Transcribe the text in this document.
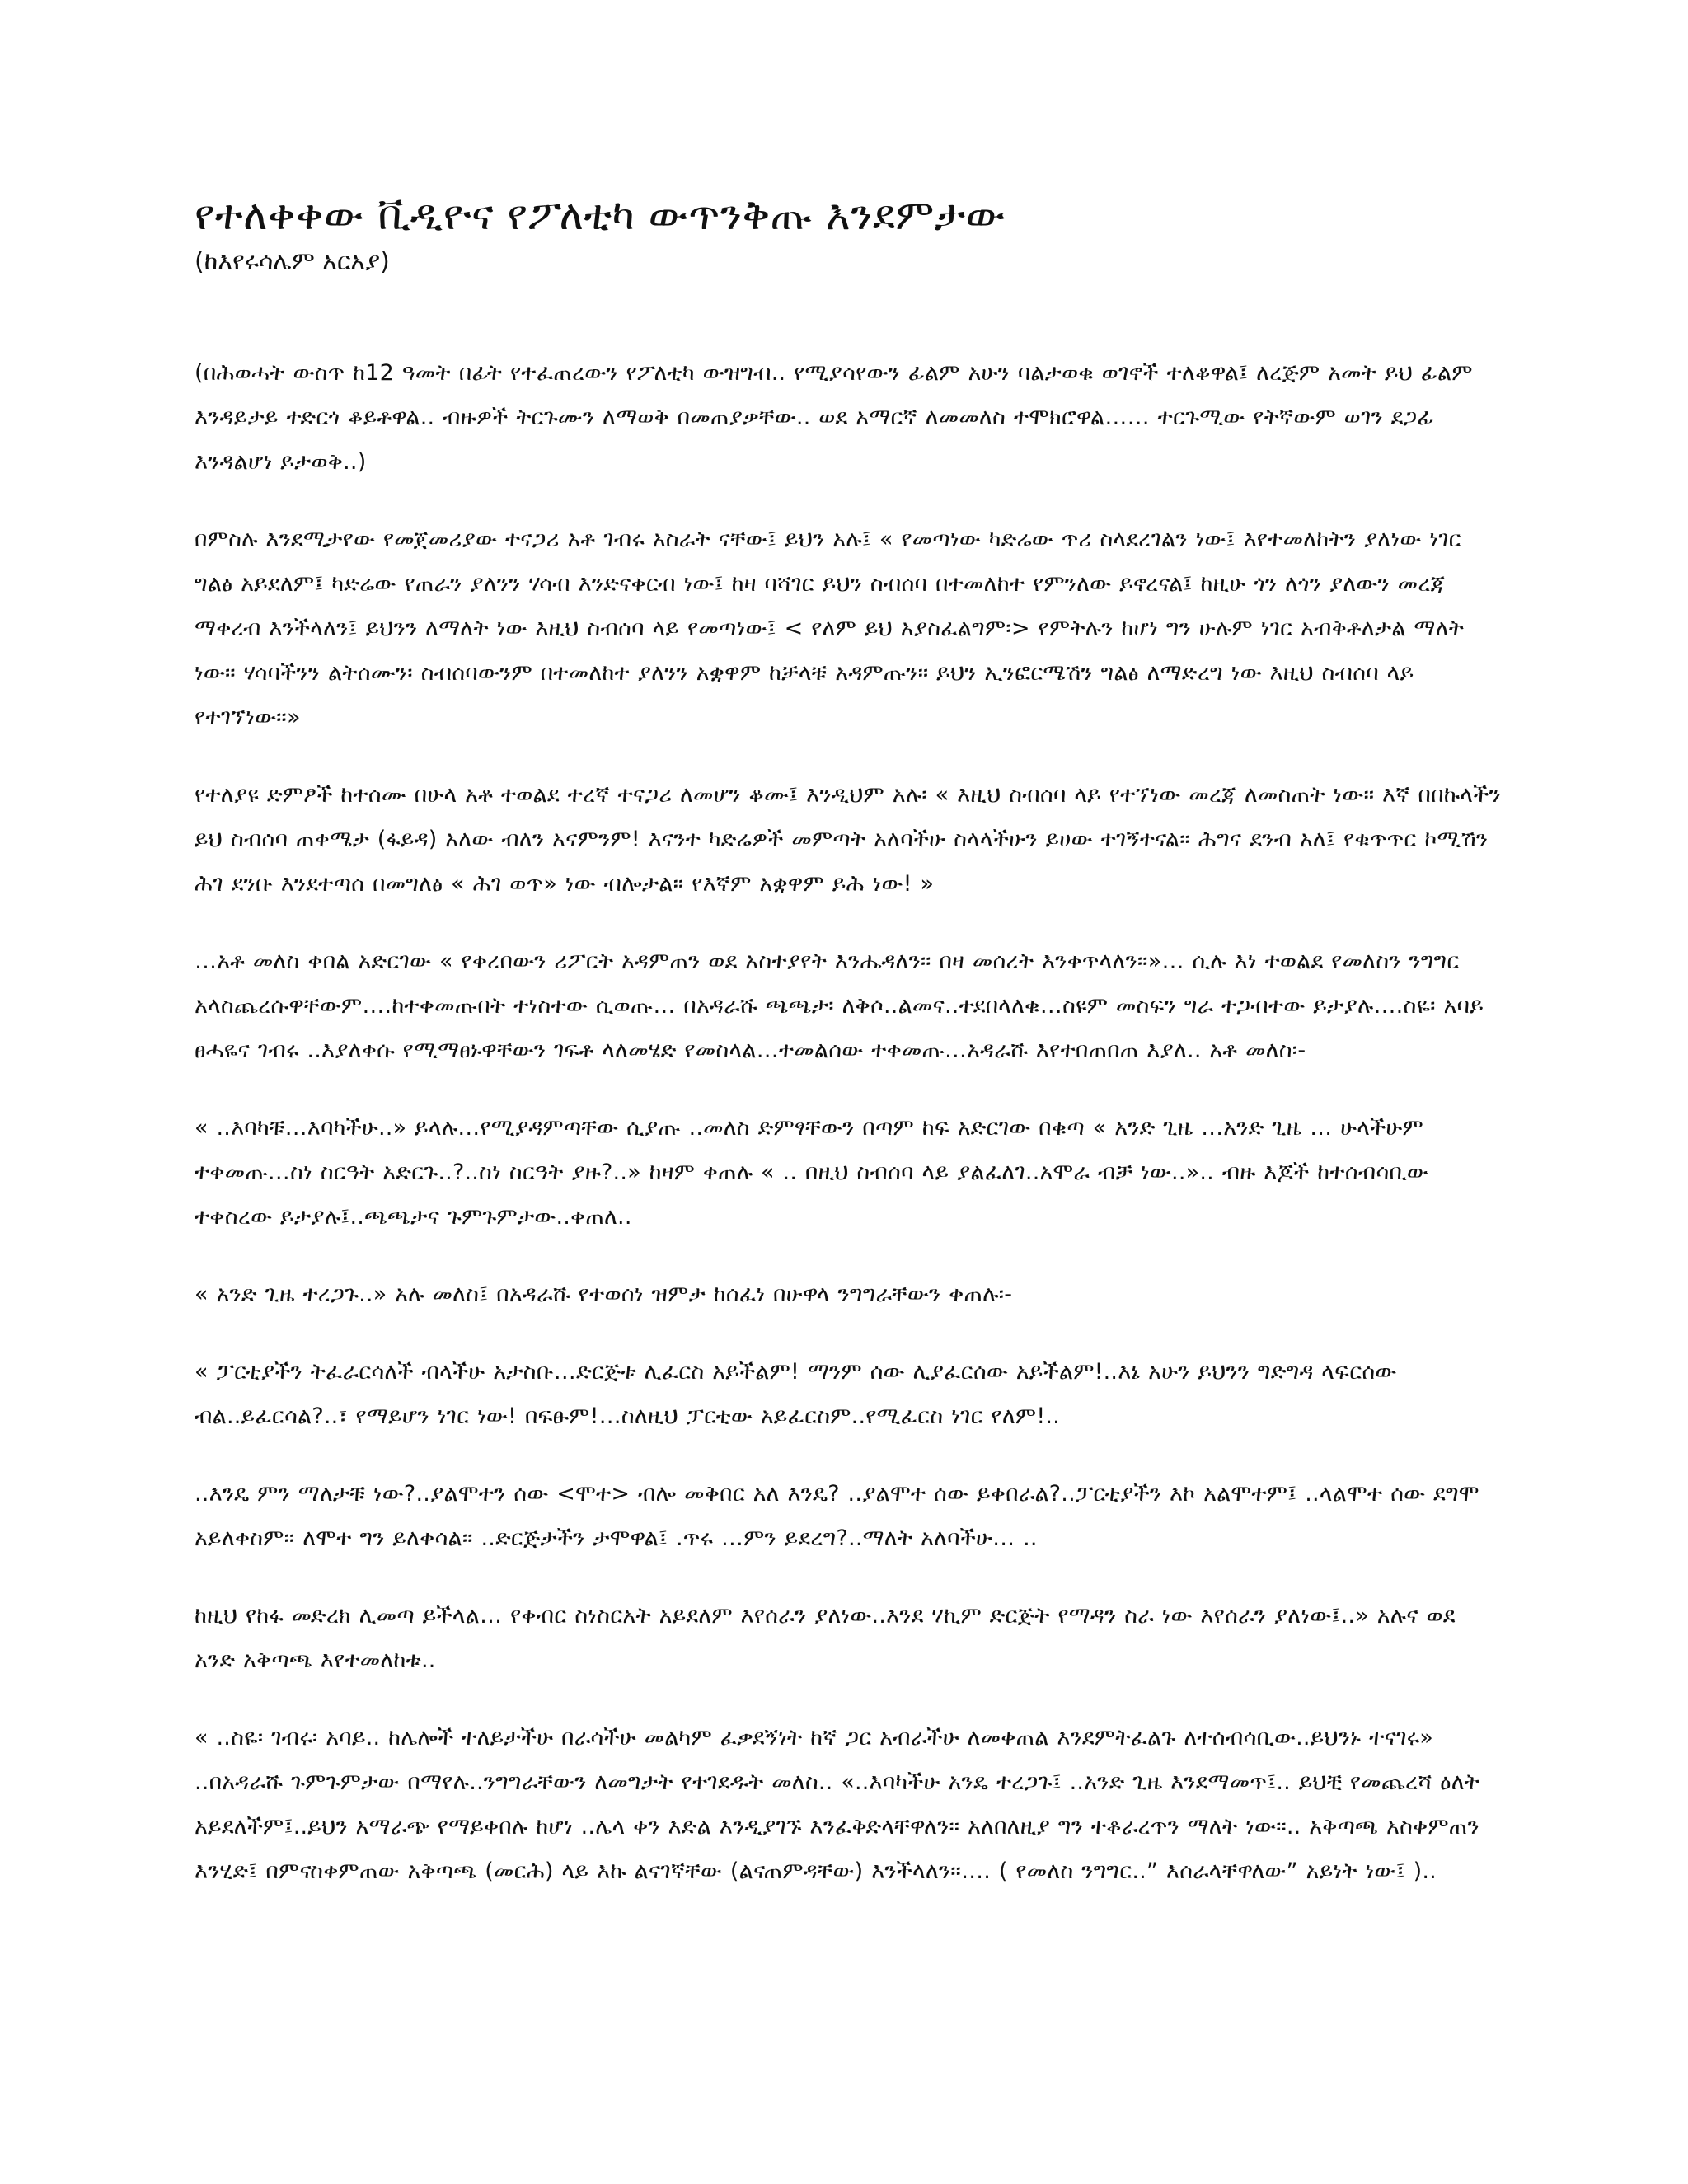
የተለቀቀው ቪዲዮና የፖለቲካ ውጥንቅጡ እንደምታው
(ከእየሩሳሌም አርአያ)

(በሕወሓት ውስጥ ከ12 ዓመት በፊት የተፈጠረውን የፖለቲካ ውዝግብ.. የሚያሳየውን ፊልም አሁን ባልታወቁ ወገኖች ተለቆዋል፤ ለረጅም አመት ይህ ፊልም እንዳይታይ ተድርጎ ቆይቶዋል.. ብዙዎች ትርጉሙን ለማወቅ በመጠያቃቸው.. ወደ አማርኛ ለመመለስ ተሞክሮዋል…… ተርጉሚው የትኛውም ወገን ደጋፊ እንዳልሆነ ይታወቅ..)

በምስሉ እንደሚታየው የመጀመሪያው ተናጋሪ አቶ ገብሩ አስራት ናቸው፤ ይህን አሉ፤ « የመጣነው ካድሬው ጥሪ ስላደረገልን ነው፤ እየተመለከትን ያለነው ነገር ግልፅ አይደለም፤ ካድሬው የጠራን ያለንን ሃሳብ እንድናቀርብ ነው፤ ከዛ ባሻገር ይህን ስብሰባ በተመለከተ የምንለው ይኖረናል፤ ከዚሁ ጎን ለጎን ያለውን መረጃ ማቀረብ እንችላለን፤ ይህንን ለማለት ነው እዚህ ስብሰባ ላይ የመጣነው፤ < የለም ይህ አያስፈልግም፡> የምትሉን ከሆነ ግን ሁሉም ነገር አብቅቶለታል ማለት ነው። ሃሳባችንን ልትሰሙን፡ ስብሰባውንም በተመለከተ ያለንን አቋዋም ከቻላቹ አዳምጡን። ይህን ኢንፎርሜሽን ግልፅ ለማድረግ ነው እዚህ ስብሰባ ላይ የተገኘነው።»

የተለያዩ ድምፆች ከተሰሙ በሁላ አቶ ተወልደ ተረኛ ተናጋሪ ለመሆን ቆሙ፤ እንዲህም አሉ፡ « እዚህ ስብሰባ ላይ የተኘነው መረጃ ለመስጠት ነው። እኛ በበኩላችን ይህ ስብሰባ ጠቀሜታ (ፋይዳ) አለው ብለን አናምንም! እናንተ ካድሬዎች መምጣት አለባችሁ ስላላችሁን ይሀው ተገኝተናል። ሕግና ደንብ አለ፤ የቁጥጥር ኮሚሽን ሕገ ደንቡ እንደተጣሰ በመግለፅ « ሕገ ወጥ» ነው ብሎታል። የእኛም አቋዋም ይሕ ነው! »

…አቶ መለስ ቀበል አድርገው « የቀረበውን ሪፖርት አዳምጠን ወደ አስተያየት እንሔዳለን። በዛ መሰረት እንቀጥላለን።»… ሲሉ እነ ተወልደ የመለስን ንግግር አላስጨረሱዋቸውም….ከተቀመጡበት ተነስተው ሲወጡ… በአዳራሹ ጫጫታ፡ ለቅሶ..ልመና..ተደበላለቁ…ስዩም መስፍን ግራ ተጋብተው ይታያሉ….ስዬ፡ አባይ ፀሓዬና ገብሩ ..እያለቀሱ የሚማፀኑዋቸውን ገፍቶ ላለመሄድ የመስላል…ተመልሰው ተቀመጡ…አዳራሹ እየተበጠበጠ እያለ.. አቶ መለስ፡-

« ..እባካቹ…እባካችሁ..» ይላሉ…የሚያዳምጣቸው ሲያጡ ..መለስ ድምፃቸውን በጣም ከፍ አድርገው በቁጣ « አንድ ጊዜ …አንድ ጊዜ … ሁላችሁም ተቀመጡ…ስነ ስርዓት አድርጉ..?..ስነ ስርዓት ያዙ?..» ከዛም ቀጠሉ « .. በዚህ ስብሰባ ላይ ያልፈለገ..አሞራ ብቻ ነው..».. ብዙ እጆች ከተሰብሳቢው ተቀስረው ይታያሉ፤..ጫጫታና ጉምጉምታው..ቀጠለ..

« አንድ ጊዜ ተረጋጉ..» አሉ መለስ፤ በአዳራሹ የተወሰነ ዝምታ ከሰፈነ በሁዋላ ንግግራቸውን ቀጠሉ፡-

« ፓርቲያችን ትፈራርሳለች ብላችሁ አታስቡ…ድርጅቱ ሊፈርስ አይችልም! ማንም ሰው ሊያፈርሰው አይችልም!..እኔ አሁን ይህንን ግድግዳ ላፍርሰው ብል..ይፈርሳል?..፣ የማይሆን ነገር ነው! በፍፁም!…ስለዚህ ፓርቲው አይፈርስም..የሚፈርስ ነገር የለም!..

..እንዴ ምን ማለታቹ ነው?..ያልሞተን ሰው <ሞተ> ብሎ መቅበር አለ እንዴ? ..ያልሞተ ሰው ይቀበራል?..ፓርቲያችን እኮ አልሞተም፤ ..ላልሞተ ሰው ደግሞ አይለቀስም። ለሞተ ግን ይለቀሳል። ..ድርጅታችን ታሞዋል፤ .ጥሩ …ምን ይደረግ?..ማለት አለባችሁ… ..

ከዚህ የከፋ መድረክ ሊመጣ ይችላል… የቀብር ስነስርአት አይደለም እየሰራን ያለነው..እንደ ሃኪም ድርጅት የማዳን ስራ ነው እየሰራን ያለነው፤..» አሉና ወደ አንድ አቅጣጫ እየተመለከቱ..

« ..ስዬ፡ ገብሩ፡ አባይ.. ከሌሎች ተለይታችሁ በራሳችሁ መልካም ፈቃደኝነት ከኛ ጋር አብራችሁ ለመቀጠል እንደምትፈልጉ ለተሰብሳቢው..ይህንኑ ተናገሩ» ..በአዳራሹ ጉምጉምታው በማየሉ..ንግግራቸውን ለመግታት የተገደዱት መለስ.. «..እባካችሁ አንዴ ተረጋጉ፤ ..አንድ ጊዜ እንደማመጥ፤.. ይህቺ የመጨረሻ ዕለት አይደለችም፤..ይህን አማራጭ የማይቀበሉ ከሆነ ..ሌላ ቀን እድል እንዲያገኙ እንፈቅድላቸዋለን። አለበለዚያ ግን ተቆራረጥን ማለት ነው።.. አቅጣጫ አስቀምጠን እንሂድ፤ በምናስቀምጠው አቅጣጫ (መርሕ) ላይ እኩ ልናገኛቸው (ልናጠምዳቸው) እንችላለን።…. ( የመለስ ንግግር..” እሰራላቸዋለው” አይነት ነው፤ )..
